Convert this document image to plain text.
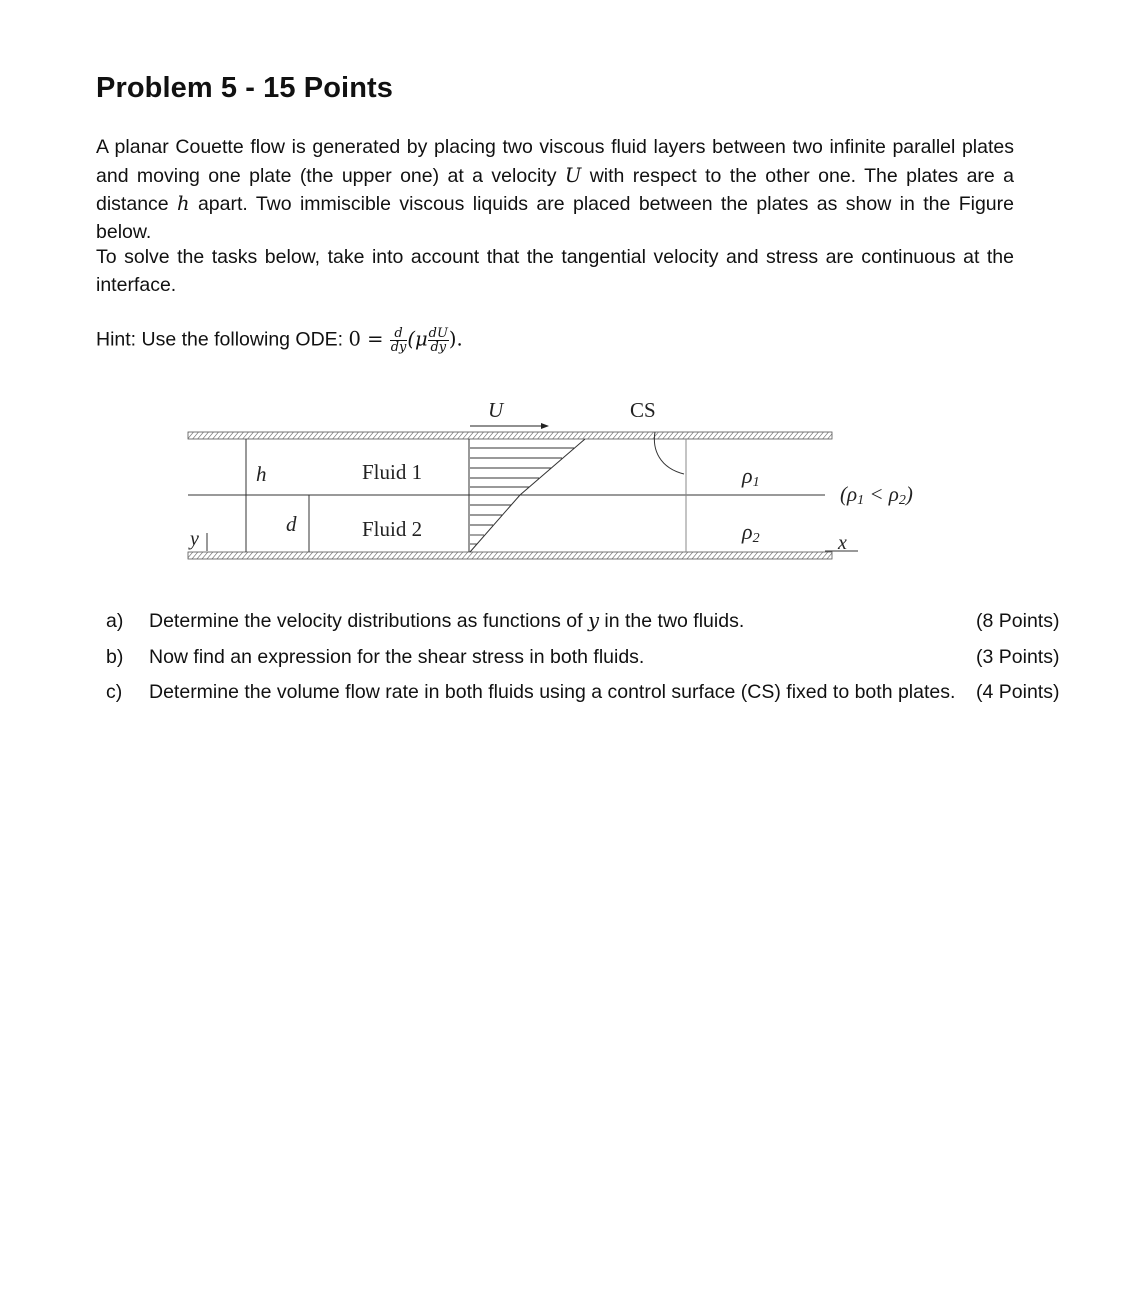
Problem 5 - 15 Points

A planar Couette flow is generated by placing two viscous fluid layers between two infinite parallel plates and moving one plate (the upper one) at a velocity U with respect to the other one. The plates are a distance h apart. Two immiscible viscous liquids are placed between the plates as show in the Figure below.

To solve the tasks below, take into account that the tangential velocity and stress are continuous at the interface.

Hint: Use the following ODE: $0 = \frac{d}{dy} (\mu \frac{dU}{dy}$ ).
U	CS
h
d
Fluid 1
Fluid 2
ρ1
ρ2
(ρ1 < ρ2)
y	x
a) Determine the velocity distributions as functions of y in the two fluids.	(8 Points)
b) Now find an expression for the shear stress in both fluids.	(3 Points)
c) Determine the volume flow rate in both fluids using a control surface (CS) fixed to both plates.	(4 Points)
